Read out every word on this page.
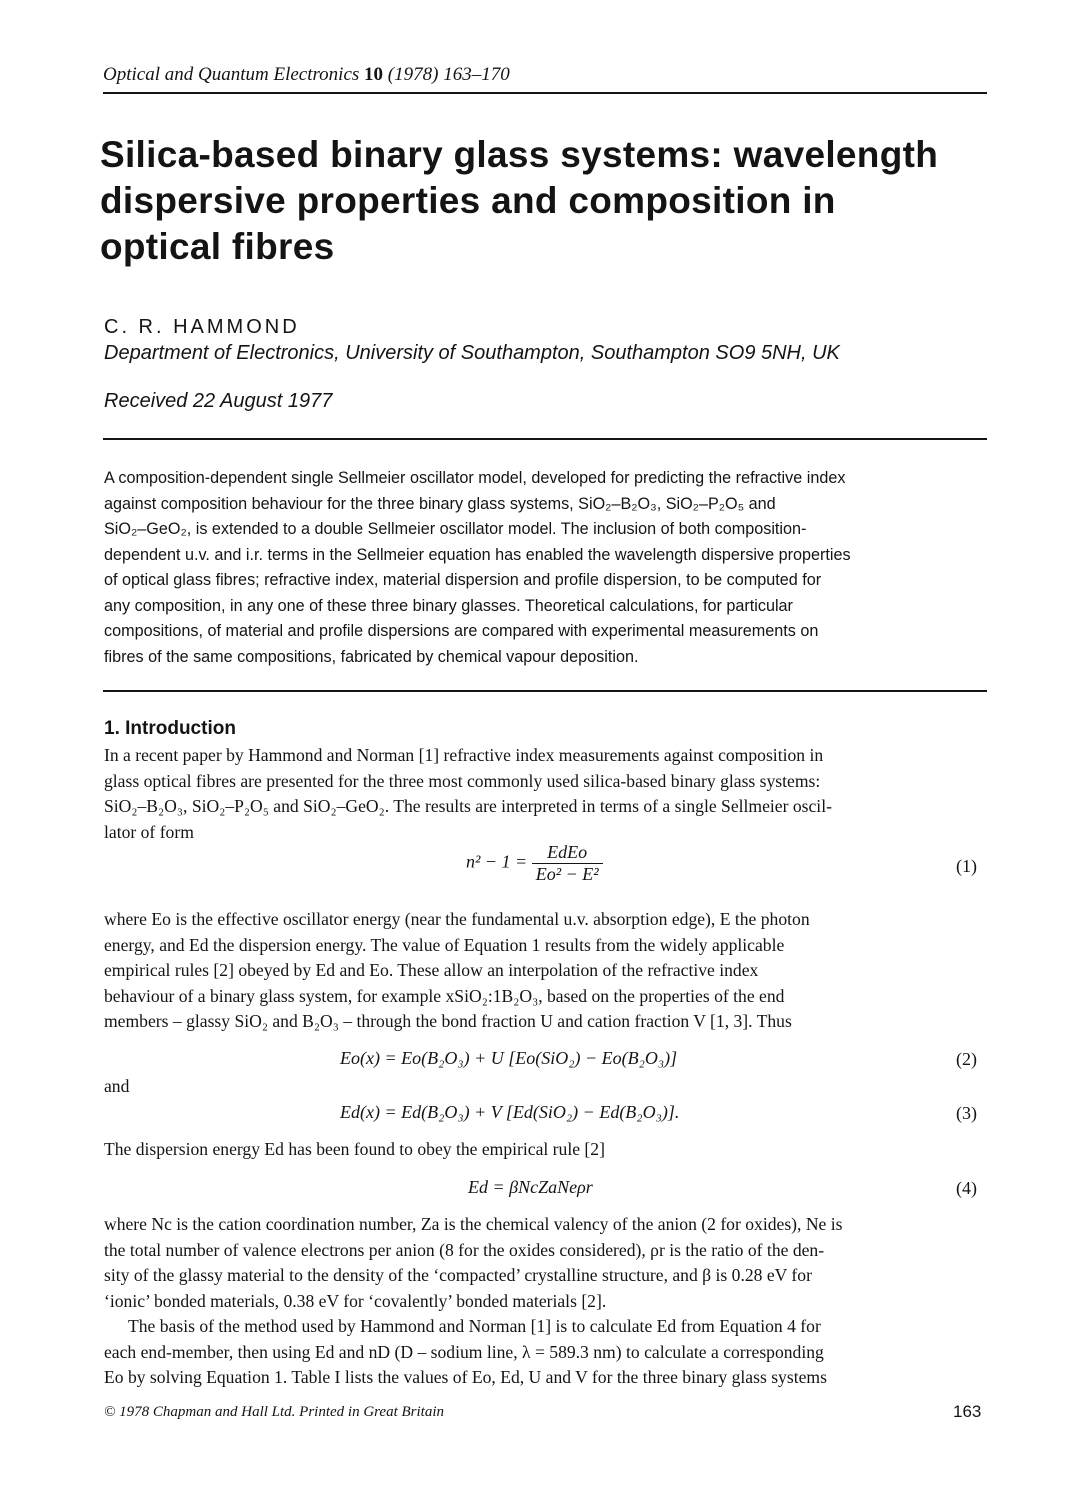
Optical and Quantum Electronics 10 (1978) 163–170
Silica-based binary glass systems: wavelength
dispersive properties and composition in
optical fibres
C. R. HAMMOND
Department of Electronics, University of Southampton, Southampton SO9 5NH, UK
Received 22 August 1977
A composition-dependent single Sellmeier oscillator model, developed for predicting the refractive index
against composition behaviour for the three binary glass systems, SiO₂–B₂O₃, SiO₂–P₂O₅ and
SiO₂–GeO₂, is extended to a double Sellmeier oscillator model. The inclusion of both composition-
dependent u.v. and i.r. terms in the Sellmeier equation has enabled the wavelength dispersive properties
of optical glass fibres; refractive index, material dispersion and profile dispersion, to be computed for
any composition, in any one of these three binary glasses. Theoretical calculations, for particular
compositions, of material and profile dispersions are compared with experimental measurements on
fibres of the same compositions, fabricated by chemical vapour deposition.
1. Introduction
In a recent paper by Hammond and Norman [1] refractive index measurements against composition in
glass optical fibres are presented for the three most commonly used silica-based binary glass systems:
SiO₂–B₂O₃, SiO₂–P₂O₅ and SiO₂–GeO₂. The results are interpreted in terms of a single Sellmeier oscil-
lator of form
$n^2 - 1 = \frac{\text{EdEo}}{\text{Eo² − E²}}$	(1)
where Eo is the effective oscillator energy (near the fundamental u.v. absorption edge), E the photon
energy, and Ed the dispersion energy. The value of Equation 1 results from the widely applicable
empirical rules [2] obeyed by Ed and Eo. These allow an interpolation of the refractive index
behaviour of a binary glass system, for example xSiO₂:1B₂O₃, based on the properties of the end
members – glassy SiO₂ and B₂O₃ – through the bond fraction U and cation fraction V [1, 3]. Thus
Eo(x) = Eo(B₂O₃) + U [Eo(SiO₂) − Eo(B₂O₃)]	(2)
and
Ed(x) = Ed(B₂O₃) + V [Ed(SiO₂) − Ed(B₂O₃)].	(3)
The dispersion energy Ed has been found to obey the empirical rule [2]
Ed = βNcZaNeρr	(4)
where Nc is the cation coordination number, Za is the chemical valency of the anion (2 for oxides), Ne is
the total number of valence electrons per anion (8 for the oxides considered), ρr is the ratio of the den-
sity of the glassy material to the density of the ‘compacted’ crystalline structure, and β is 0.28 eV for
‘ionic’ bonded materials, 0.38 eV for ‘covalently’ bonded materials [2].
The basis of the method used by Hammond and Norman [1] is to calculate Ed from Equation 4 for
each end-member, then using Ed and nD (D – sodium line, λ = 589.3 nm) to calculate a corresponding
Eo by solving Equation 1. Table I lists the values of Eo, Ed, U and V for the three binary glass systems
© 1978 Chapman and Hall Ltd. Printed in Great Britain	163
